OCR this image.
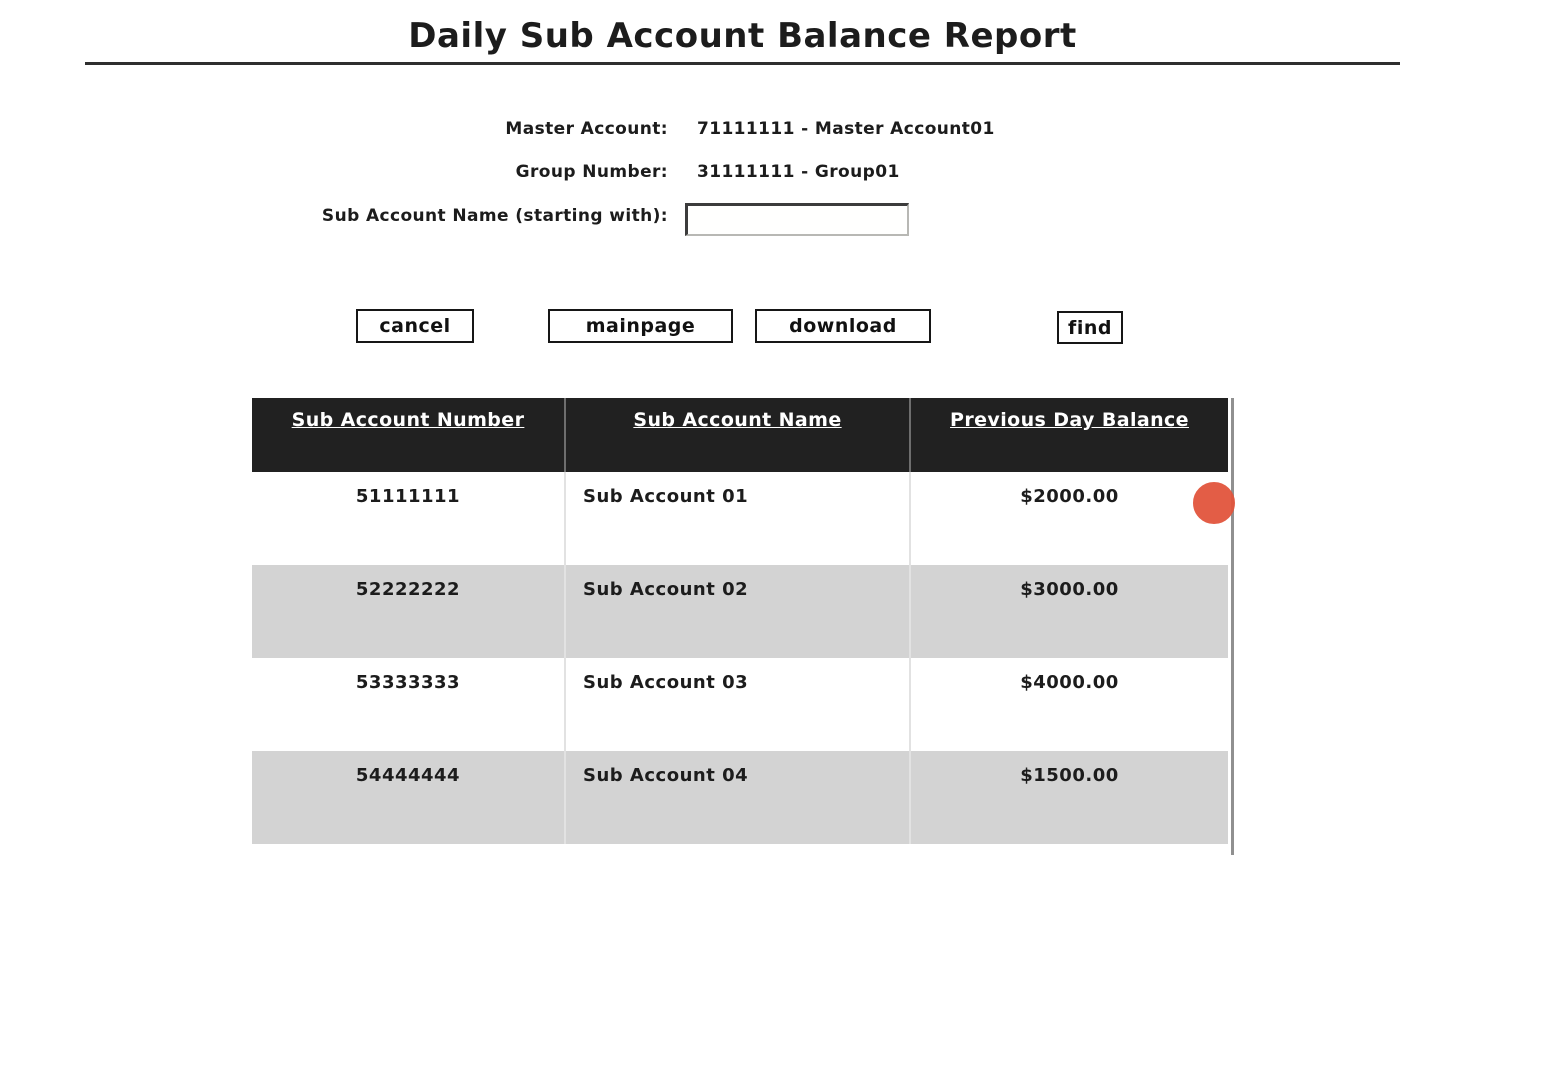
Daily Sub Account Balance Report
Master Account: 71111111 - Master Account01
Group Number: 31111111 - Group01
Sub Account Name (starting with):
cancel	mainpage	download	find
Sub Account Number	Sub Account Name	Previous Day Balance
51111111	Sub Account 01	$2000.00
52222222	Sub Account 02	$3000.00
53333333	Sub Account 03	$4000.00
54444444	Sub Account 04	$1500.00
